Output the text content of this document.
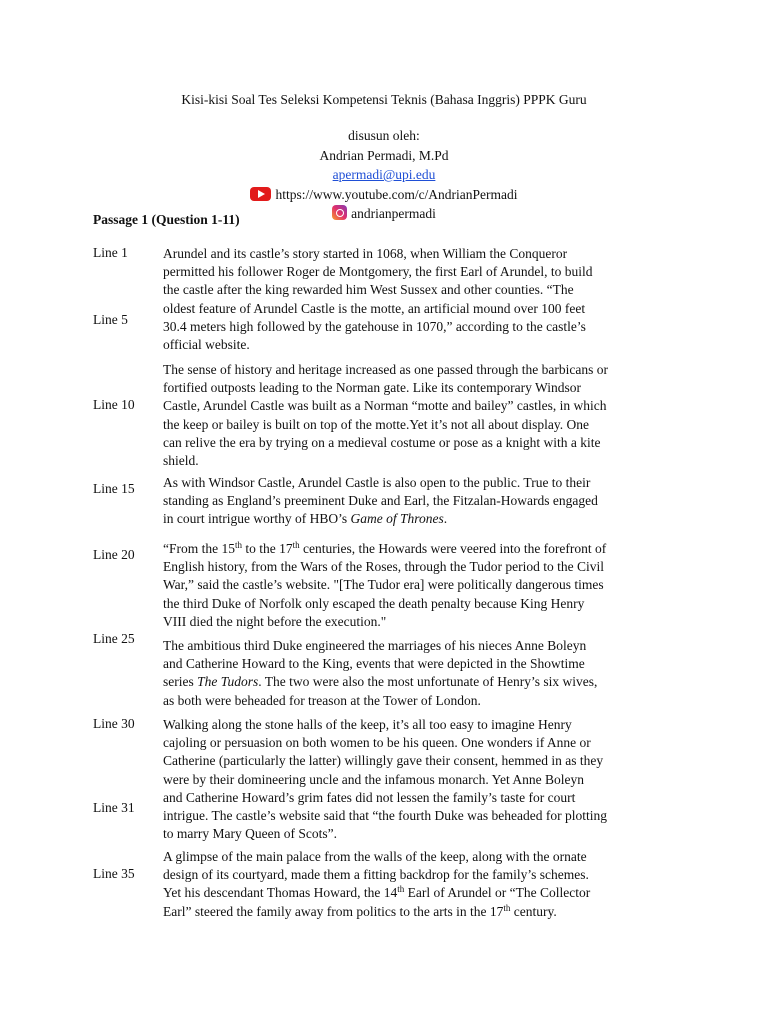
Kisi-kisi Soal Tes Seleksi Kompetensi Teknis (Bahasa Inggris) PPPK Guru
disusun oleh:
Andrian Permadi, M.Pd
apermadi@upi.edu
https://www.youtube.com/c/AndrianPermadi
andrianpermadi
Passage 1 (Question 1-11)
Line 1
Line 5
Line 10
Line 15
Line 20
Line 25
Line 30
Line 31
Line 35
Arundel and its castle’s story started in 1068, when William the Conqueror
permitted his follower Roger de Montgomery, the first Earl of Arundel, to build
the castle after the king rewarded him West Sussex and other counties. “The
oldest feature of Arundel Castle is the motte, an artificial mound over 100 feet
30.4 meters high followed by the gatehouse in 1070,” according to the castle’s
official website.
The sense of history and heritage increased as one passed through the barbicans or
fortified outposts leading to the Norman gate. Like its contemporary Windsor
Castle, Arundel Castle was built as a Norman “motte and bailey” castles, in which
the keep or bailey is built on top of the motte.Yet it’s not all about display. One
can relive the era by trying on a medieval costume or pose as a knight with a kite
shield.
As with Windsor Castle, Arundel Castle is also open to the public. True to their
standing as England’s preeminent Duke and Earl, the Fitzalan-Howards engaged
in court intrigue worthy of HBO’s Game of Thrones.
“From the 15th to the 17th centuries, the Howards were veered into the forefront of
English history, from the Wars of the Roses, through the Tudor period to the Civil
War,” said the castle’s website. "[The Tudor era] were politically dangerous times
the third Duke of Norfolk only escaped the death penalty because King Henry
VIII died the night before the execution."
The ambitious third Duke engineered the marriages of his nieces Anne Boleyn
and Catherine Howard to the King, events that were depicted in the Showtime
series The Tudors. The two were also the most unfortunate of Henry’s six wives,
as both were beheaded for treason at the Tower of London.
Walking along the stone halls of the keep, it’s all too easy to imagine Henry
cajoling or persuasion on both women to be his queen. One wonders if Anne or
Catherine (particularly the latter) willingly gave their consent, hemmed in as they
were by their domineering uncle and the infamous monarch. Yet Anne Boleyn
and Catherine Howard’s grim fates did not lessen the family’s taste for court
intrigue. The castle’s website said that “the fourth Duke was beheaded for plotting
to marry Mary Queen of Scots”.
A glimpse of the main palace from the walls of the keep, along with the ornate
design of its courtyard, made them a fitting backdrop for the family’s schemes.
Yet his descendant Thomas Howard, the 14th Earl of Arundel or “The Collector
Earl” steered the family away from politics to the arts in the 17th century.
